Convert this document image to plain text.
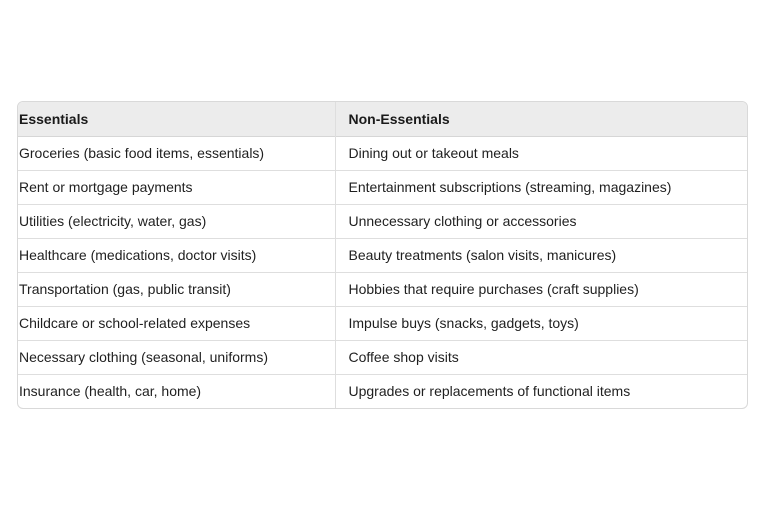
Essentials	Non-Essentials
Groceries (basic food items, essentials)	Dining out or takeout meals
Rent or mortgage payments	Entertainment subscriptions (streaming, magazines)
Utilities (electricity, water, gas)	Unnecessary clothing or accessories
Healthcare (medications, doctor visits)	Beauty treatments (salon visits, manicures)
Transportation (gas, public transit)	Hobbies that require purchases (craft supplies)
Childcare or school-related expenses	Impulse buys (snacks, gadgets, toys)
Necessary clothing (seasonal, uniforms)	Coffee shop visits
Insurance (health, car, home)	Upgrades or replacements of functional items
